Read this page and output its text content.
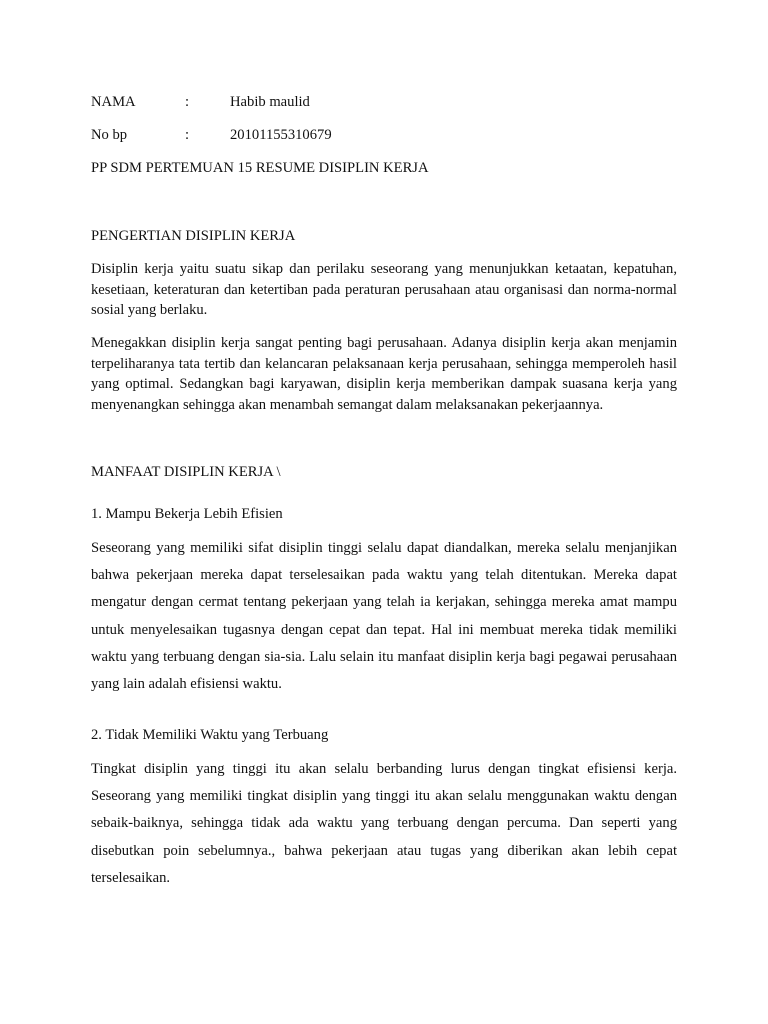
NAMA	:	Habib maulid
No bp	:	20101155310679
PP SDM PERTEMUAN 15 RESUME DISIPLIN KERJA
PENGERTIAN DISIPLIN KERJA

Disiplin kerja yaitu suatu sikap dan perilaku seseorang yang menunjukkan ketaatan, kepatuhan, kesetiaan, keteraturan dan ketertiban pada peraturan perusahaan atau organisasi dan norma-normal sosial yang berlaku.

Menegakkan disiplin kerja sangat penting bagi perusahaan. Adanya disiplin kerja akan menjamin terpeliharanya tata tertib dan kelancaran pelaksanaan kerja perusahaan, sehingga memperoleh hasil yang optimal. Sedangkan bagi karyawan, disiplin kerja memberikan dampak suasana kerja yang menyenangkan sehingga akan menambah semangat dalam melaksanakan pekerjaannya.

MANFAAT DISIPLIN KERJA \
1. Mampu Bekerja Lebih Efisien

Seseorang yang memiliki sifat disiplin tinggi selalu dapat diandalkan, mereka selalu menjanjikan bahwa pekerjaan mereka dapat terselesaikan pada waktu yang telah ditentukan. Mereka dapat mengatur dengan cermat tentang pekerjaan yang telah ia kerjakan, sehingga mereka amat mampu untuk menyelesaikan tugasnya dengan cepat dan tepat. Hal ini membuat mereka tidak memiliki waktu yang terbuang dengan sia-sia. Lalu selain itu manfaat disiplin kerja bagi pegawai perusahaan yang lain adalah efisiensi waktu.

2. Tidak Memiliki Waktu yang Terbuang

Tingkat disiplin yang tinggi itu akan selalu berbanding lurus dengan tingkat efisiensi kerja. Seseorang yang memiliki tingkat disiplin yang tinggi itu akan selalu menggunakan waktu dengan sebaik-baiknya, sehingga tidak ada waktu yang terbuang dengan percuma. Dan seperti yang disebutkan poin sebelumnya., bahwa pekerjaan atau tugas yang diberikan akan lebih cepat terselesaikan.
